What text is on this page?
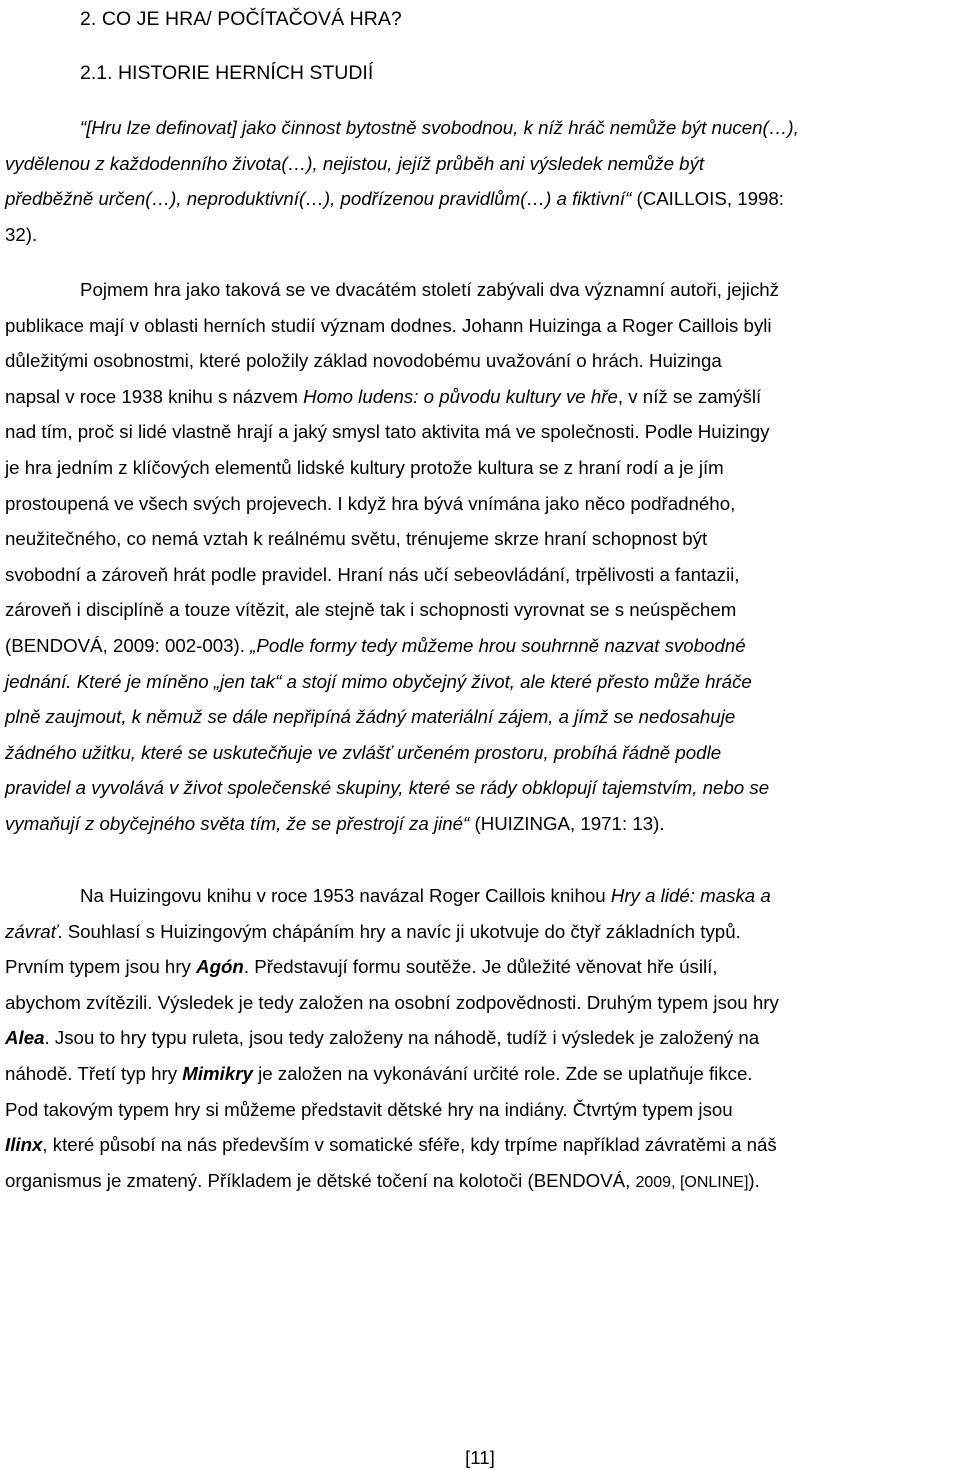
2. CO JE HRA/ POČÍTAČOVÁ HRA?
2.1. HISTORIE HERNÍCH STUDIÍ
“[Hru lze definovat] jako činnost bytostně svobodnou, k níž hráč nemůže být nucen(…),
vydělenou z každodenního života(…), nejistou, jejíž průběh ani výsledek nemůže být
předběžně určen(…), neproduktivní(…), podřízenou pravidlům(…) a fiktivní“ (CAILLOIS, 1998:
32).
Pojmem hra jako taková se ve dvacátém století zabývali dva významní autoři, jejichž
publikace mají v oblasti herních studií význam dodnes. Johann Huizinga a Roger Caillois byli
důležitými osobnostmi, které položily základ novodobému uvažování o hrách. Huizinga
napsal v roce 1938 knihu s názvem Homo ludens: o původu kultury ve hře, v níž se zamýšlí
nad tím, proč si lidé vlastně hrají a jaký smysl tato aktivita má ve společnosti. Podle Huizingy
je hra jedním z klíčových elementů lidské kultury protože kultura se z hraní rodí a je jím
prostoupená ve všech svých projevech. I když hra bývá vnímána jako něco podřadného,
neužitečného, co nemá vztah k reálnému světu, trénujeme skrze hraní schopnost být
svobodní a zároveň hrát podle pravidel. Hraní nás učí sebeovládání, trpělivosti a fantazii,
zároveň i disciplíně a touze vítězit, ale stejně tak i schopnosti vyrovnat se s neúspěchem
(BENDOVÁ, 2009: 002-003). „Podle formy tedy můžeme hrou souhrnně nazvat svobodné
jednání. Které je míněno „jen tak“ a stojí mimo obyčejný život, ale které přesto může hráče
plně zaujmout, k němuž se dále nepřipíná žádný materiální zájem, a jímž se nedosahuje
žádného užitku, které se uskutečňuje ve zvlášť určeném prostoru, probíhá řádně podle
pravidel a vyvolává v život společenské skupiny, které se rády obklopují tajemstvím, nebo se
vymaňují z obyčejného světa tím, že se přestrojí za jiné“ (HUIZINGA, 1971: 13).
Na Huizingovu knihu v roce 1953 navázal Roger Caillois knihou Hry a lidé: maska a
závrať. Souhlasí s Huizingovým chápáním hry a navíc ji ukotvuje do čtyř základních typů.
Prvním typem jsou hry Agón. Představují formu soutěže. Je důležité věnovat hře úsilí,
abychom zvítězili. Výsledek je tedy založen na osobní zodpovědnosti. Druhým typem jsou hry
Alea. Jsou to hry typu ruleta, jsou tedy založeny na náhodě, tudíž i výsledek je založený na
náhodě. Třetí typ hry Mimikry je založen na vykonávání určité role. Zde se uplatňuje fikce.
Pod takovým typem hry si můžeme představit dětské hry na indiány. Čtvrtým typem jsou
Ilinx, které působí na nás především v somatické sféře, kdy trpíme například závratěmi a náš
organismus je zmatený. Příkladem je dětské točení na kolotoči (BENDOVÁ, 2009, [ONLINE]).
[11]
